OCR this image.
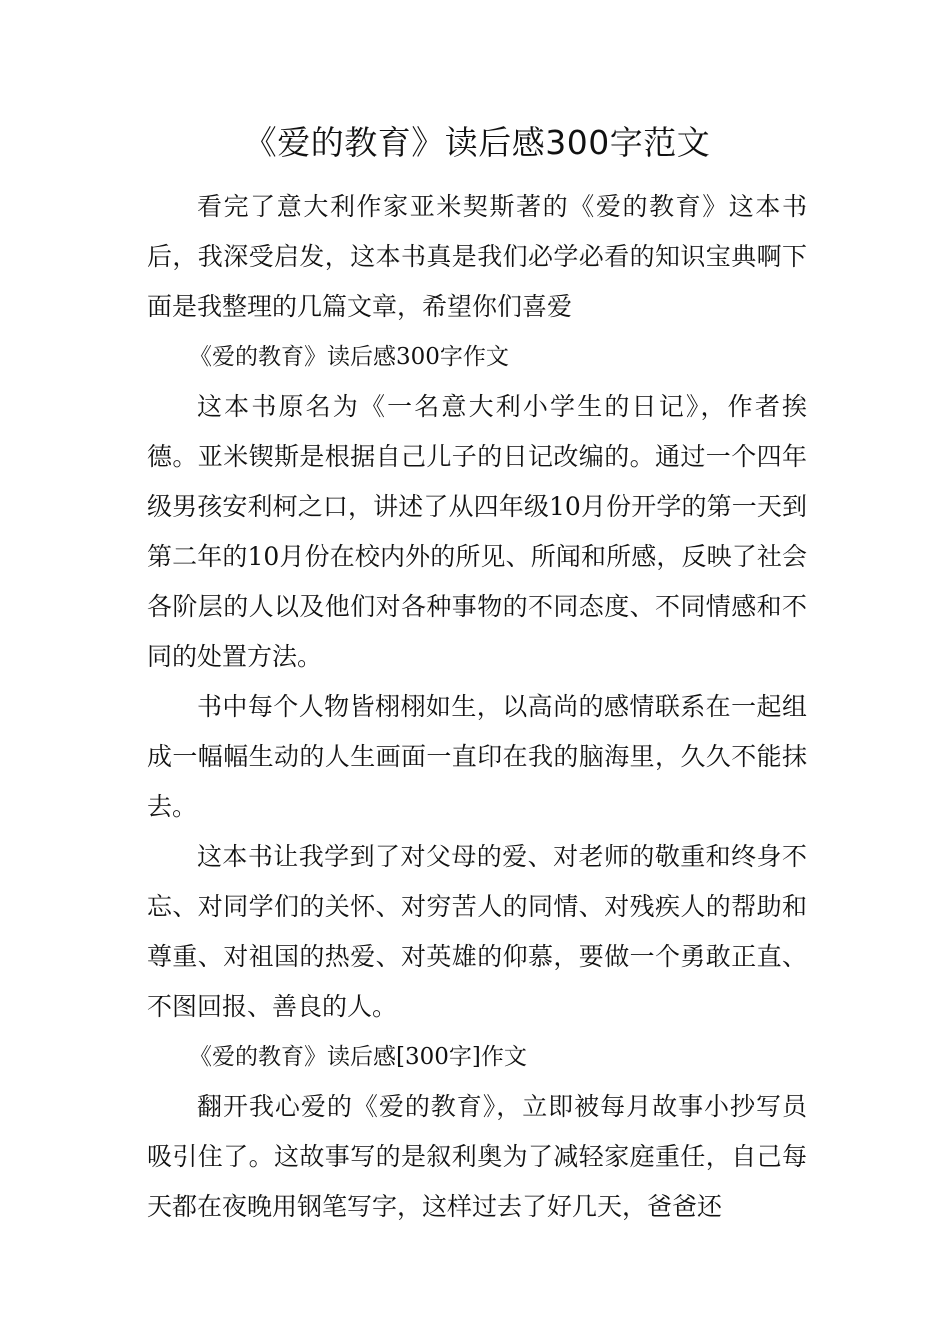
《爱的教育》读后感300字范文

看完了意大利作家亚米契斯著的《爱的教育》这本书后，我深受启发，这本书真是我们必学必看的知识宝典啊下面是我整理的几篇文章，希望你们喜爱

《爱的教育》读后感300字作文

这本书原名为《一名意大利小学生的日记》，作者挨德。亚米锲斯是根据自己儿子的日记改编的。通过一个四年级男孩安利柯之口，讲述了从四年级10月份开学的第一天到第二年的10月份在校内外的所见、所闻和所感，反映了社会各阶层的人以及他们对各种事物的不同态度、不同情感和不同的处置方法。

书中每个人物皆栩栩如生，以高尚的感情联系在一起组成一幅幅生动的人生画面一直印在我的脑海里，久久不能抹去。

这本书让我学到了对父母的爱、对老师的敬重和终身不忘、对同学们的关怀、对穷苦人的同情、对残疾人的帮助和尊重、对祖国的热爱、对英雄的仰慕，要做一个勇敢正直、不图回报、善良的人。

《爱的教育》读后感[300字]作文

翻开我心爱的《爱的教育》，立即被每月故事小抄写员吸引住了。这故事写的是叙利奥为了减轻家庭重任，自己每天都在夜晚用钢笔写字，这样过去了好几天，爸爸还
